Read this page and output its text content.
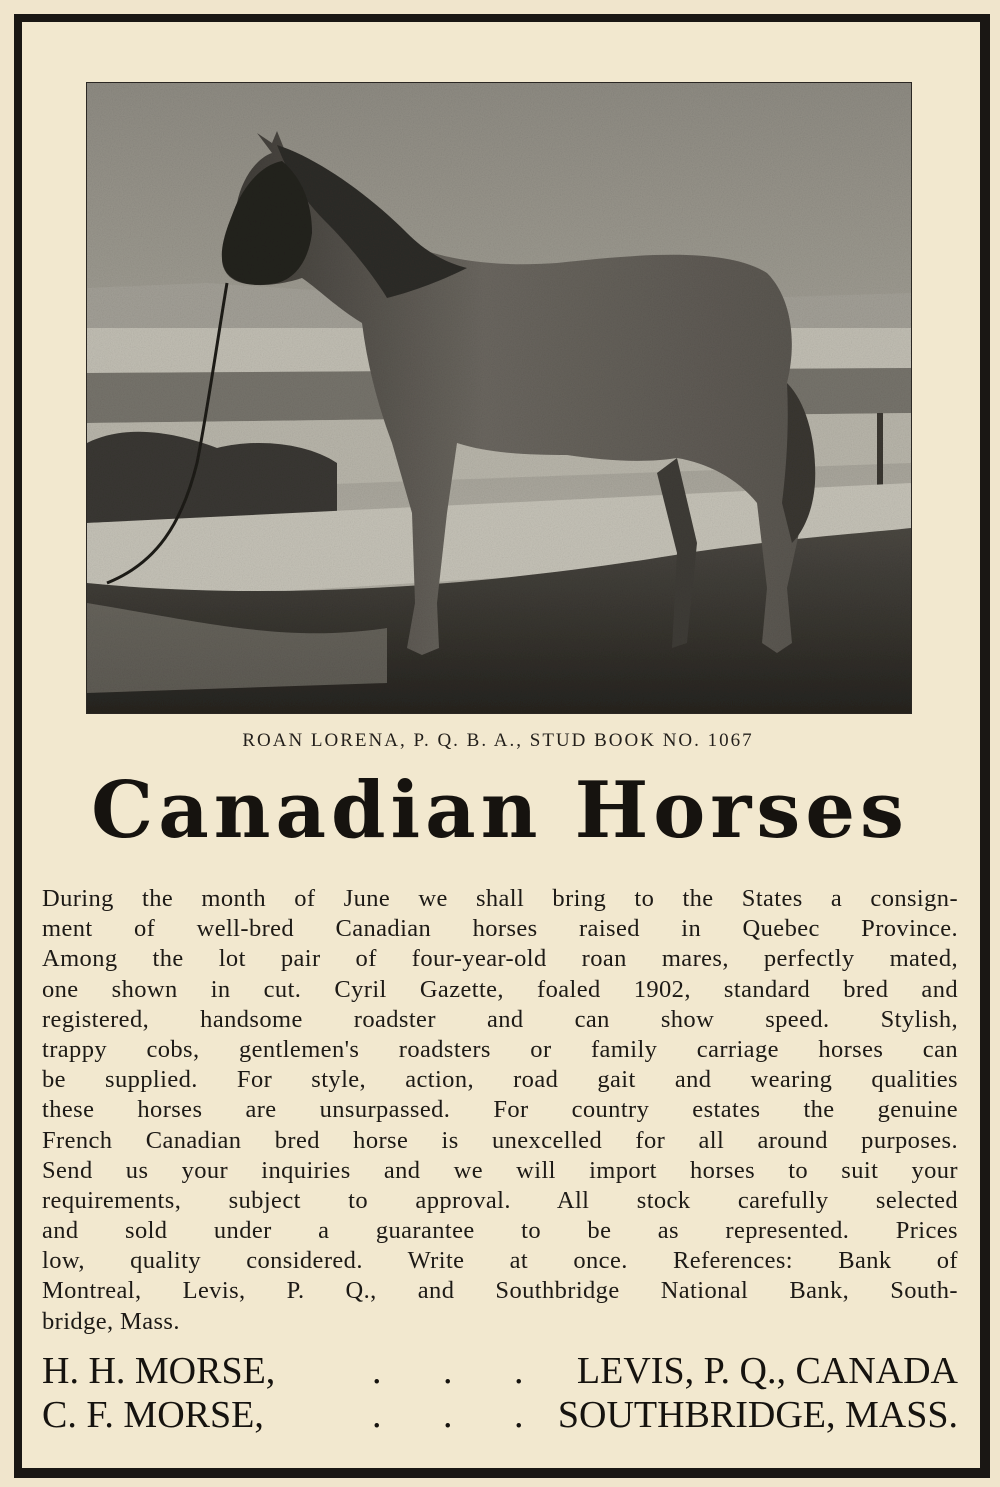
ROAN LORENA, P. Q. B. A., STUD BOOK NO. 1067
Canadian Horses
During the month of June we shall bring to the States a consign-
ment of well-bred Canadian horses raised in Quebec Province.
Among the lot pair of four-year-old roan mares, perfectly mated,
one shown in cut. Cyril Gazette, foaled 1902, standard bred and
registered, handsome roadster and can show speed. Stylish,
trappy cobs, gentlemen's roadsters or family carriage horses can
be supplied. For style, action, road gait and wearing qualities
these horses are unsurpassed. For country estates the genuine
French Canadian bred horse is unexcelled for all around purposes.
Send us your inquiries and we will import horses to suit your
requirements, subject to approval. All stock carefully selected
and sold under a guarantee to be as represented. Prices
low, quality considered. Write at once. References: Bank of
Montreal, Levis, P. Q., and Southbridge National Bank, South-
bridge, Mass.
H. H. MORSE,	. . . LEVIS, P. Q., CANADA
C. F. MORSE,	. . . SOUTHBRIDGE, MASS.
